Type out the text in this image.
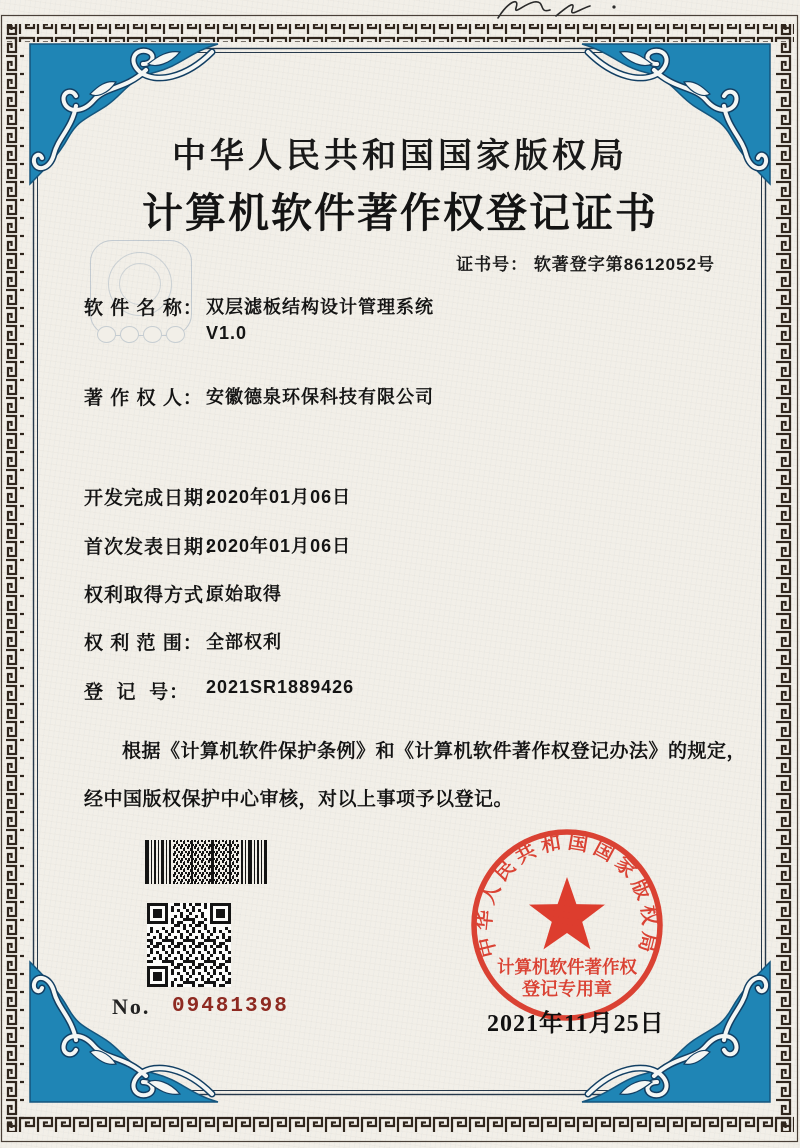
中华人民共和国国家版权局
计算机软件著作权登记证书
证书号： 软著登字第8612052号
软 件 名 称： 双层滤板结构设计管理系统
V1.0
著 作 权 人： 安徽德泉环保科技有限公司
开发完成日期：
2020年01月06日
首次发表日期：
2020年01月06日
权利取得方式：
原始取得
权 利 范 围： 全部权利
登  记  号： 2021SR1889426
根据《计算机软件保护条例》和《计算机软件著作权登记办法》的规定，经中国版权保护中心审核，对以上事项予以登记。
No. 09481398
中华人民共和国国家版权局
计算机软件著作权
登记专用章
2021年11月25日
